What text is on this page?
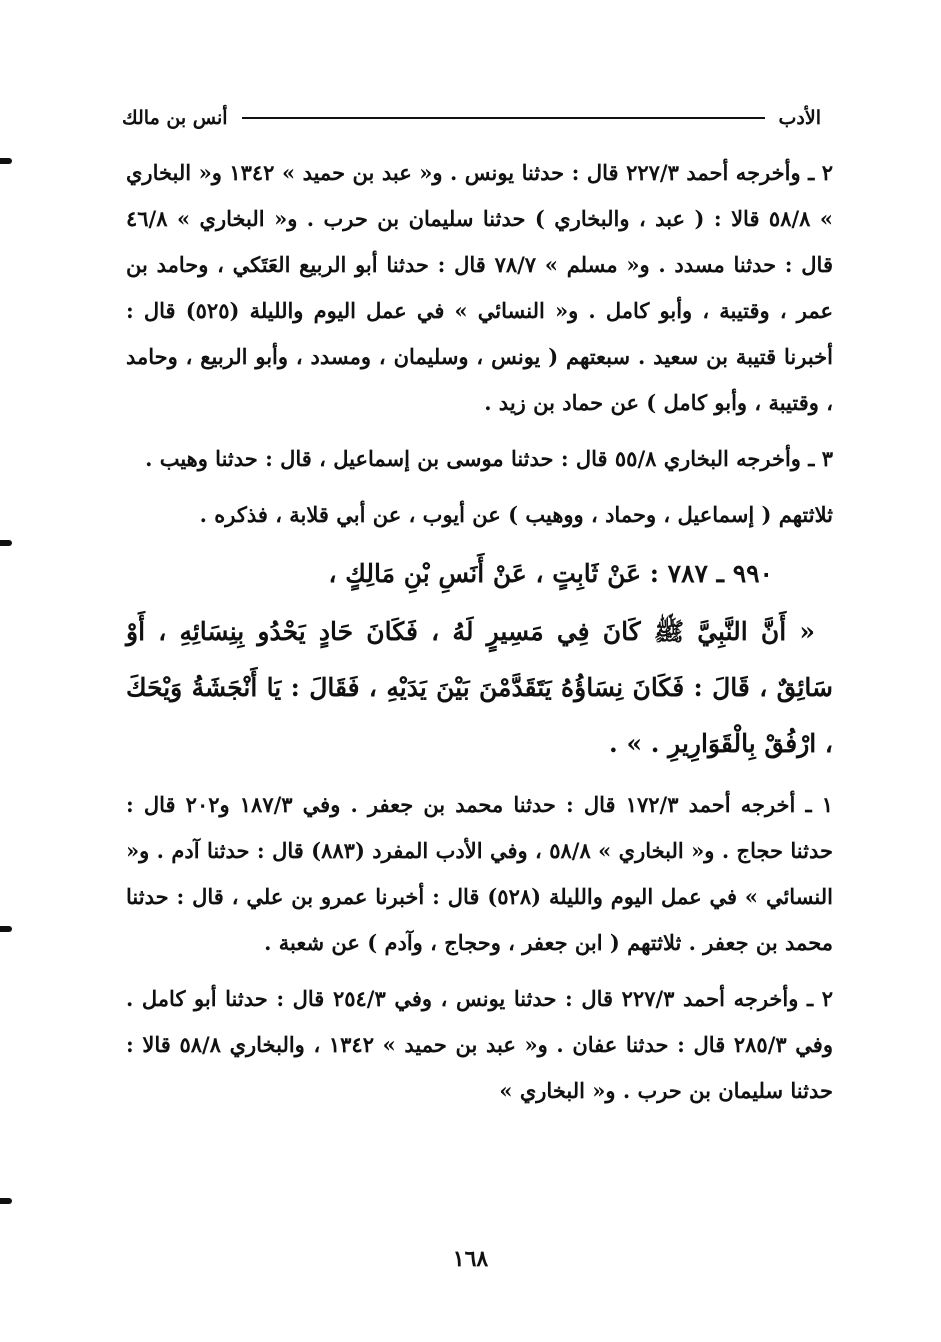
الأدب
أنس بن مالك

٢ ـ وأخرجه أحمد ٢٢٧/٣ قال : حدثنا يونس . و« عبد بن حميد » ١٣٤٢ و« البخاري » ٥٨/٨ قالا : ( عبد ، والبخاري ) حدثنا سليمان بن حرب . و« البخاري » ٤٦/٨ قال : حدثنا مسدد . و« مسلم » ٧٨/٧ قال : حدثنا أبو الربيع العَتَكي ، وحامد بن عمر ، وقتيبة ، وأبو كامل . و« النسائي » في عمل اليوم والليلة (٥٢٥) قال : أخبرنا قتيبة بن سعيد . سبعتهم ( يونس ، وسليمان ، ومسدد ، وأبو الربيع ، وحامد ، وقتيبة ، وأبو كامل ) عن حماد بن زيد .

٣ ـ وأخرجه البخاري ٥٥/٨ قال : حدثنا موسى بن إسماعيل ، قال : حدثنا وهيب .

ثلاثتهم ( إسماعيل ، وحماد ، ووهيب ) عن أيوب ، عن أبي قلابة ، فذكره .

٩٩٠ ـ ٧٨٧ : عَنْ ثَابِتٍ ، عَنْ أَنَسِ بْنِ مَالِكٍ ،

« أَنَّ النَّبِيَّ ﷺ كَانَ فِي مَسِيرٍ لَهُ ، فَكَانَ حَادٍ يَحْدُو بِنِسَائِهِ ، أَوْ سَائِقٌ ، قَالَ : فَكَانَ نِسَاؤُهُ يَتَقَدَّمْنَ بَيْنَ يَدَيْهِ ، فَقَالَ : يَا أَنْجَشَةُ وَيْحَكَ ، ارْفُقْ بِالْقَوَارِيرِ . » .

١ ـ أخرجه أحمد ١٧٢/٣ قال : حدثنا محمد بن جعفر . وفي ١٨٧/٣ و٢٠٢ قال : حدثنا حجاج . و« البخاري » ٥٨/٨ ، وفي الأدب المفرد (٨٨٣) قال : حدثنا آدم . و« النسائي » في عمل اليوم والليلة (٥٢٨) قال : أخبرنا عمرو بن علي ، قال : حدثنا محمد بن جعفر . ثلاثتهم ( ابن جعفر ، وحجاج ، وآدم ) عن شعبة .

٢ ـ وأخرجه أحمد ٢٢٧/٣ قال : حدثنا يونس ، وفي ٢٥٤/٣ قال : حدثنا أبو كامل . وفي ٢٨٥/٣ قال : حدثنا عفان . و« عبد بن حميد » ١٣٤٢ ، والبخاري ٥٨/٨ قالا : حدثنا سليمان بن حرب . و« البخاري »

١٦٨
